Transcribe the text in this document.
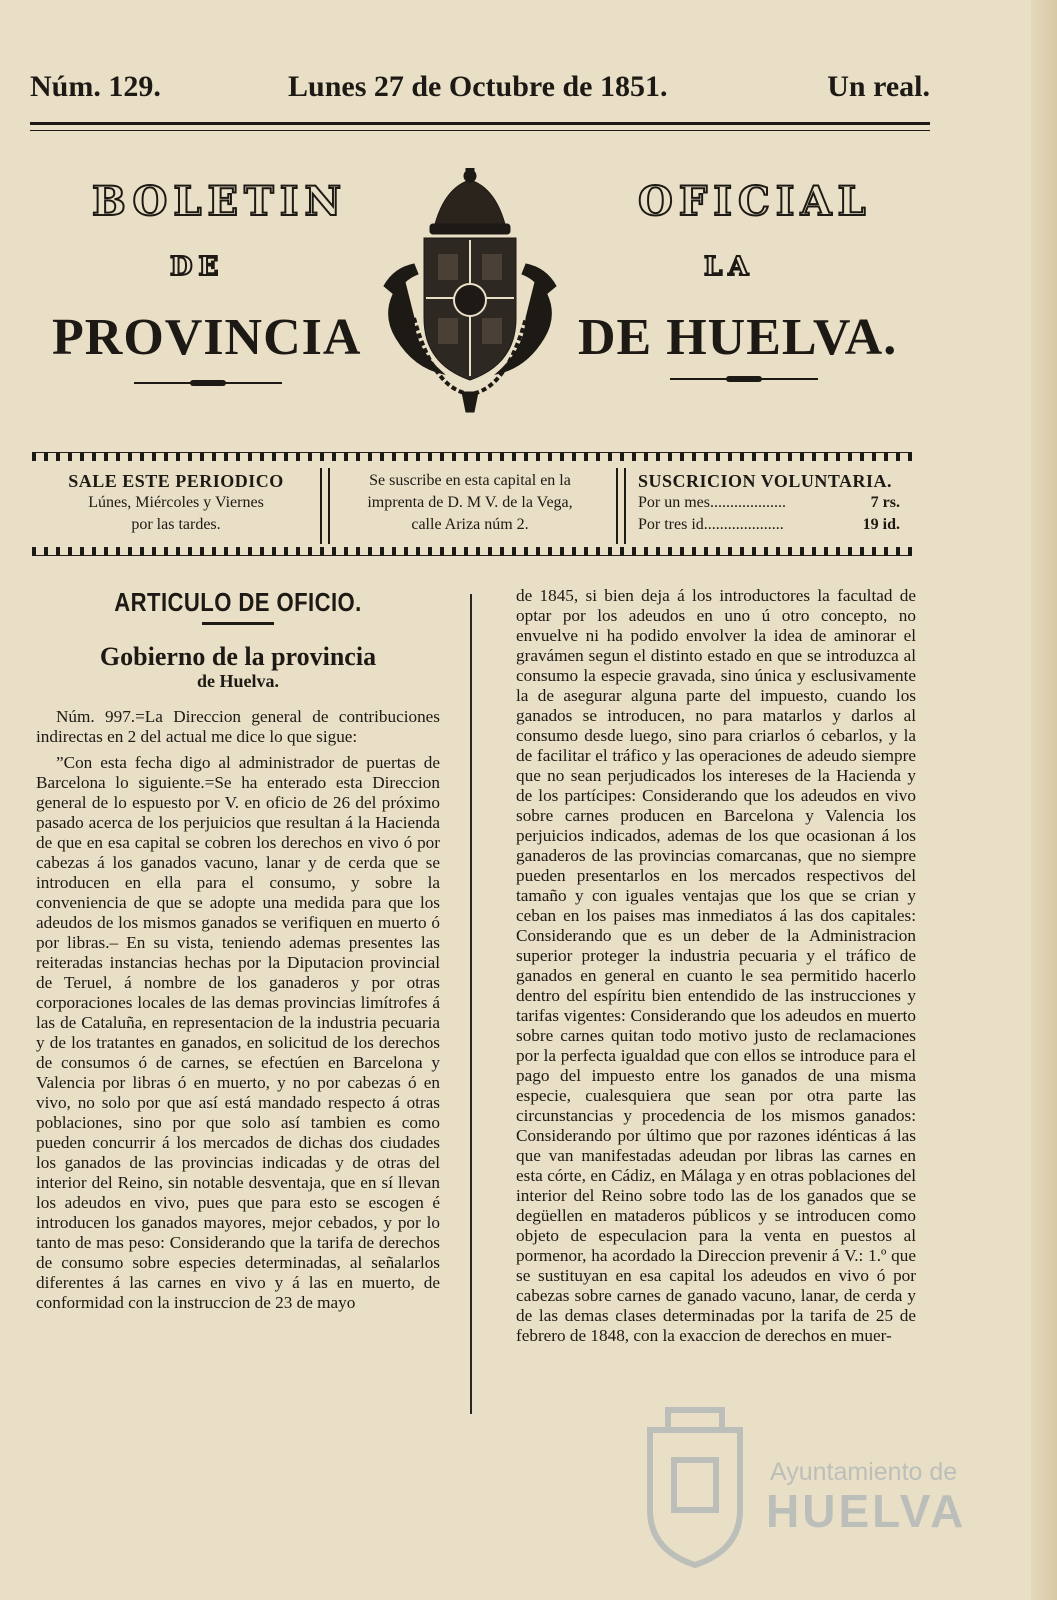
Núm. 129.	Lunes 27 de Octubre de 1851.	Un real.
BOLETIN	OFICIAL
DE	LA
PROVINCIA	DE HUELVA.
SALE ESTE PERIODICO
Lúnes, Miércoles y Viernes
por las tardes.
Se suscribe en esta capital en la
imprenta de D. M V. de la Vega,
calle Ariza núm 2.
SUSCRICION VOLUNTARIA.
Por un mes...................	7 rs.
Por tres id....................	19 id.
ARTICULO DE OFICIO.
Gobierno de la provincia
de Huelva.

Núm. 997.=La Direccion general de contribuciones indirectas en 2 del actual me dice lo que sigue:

”Con esta fecha digo al administrador de puertas de Barcelona lo siguiente.=Se ha enterado esta Direccion general de lo espuesto por V. en oficio de 26 del próximo pasado acerca de los perjuicios que resultan á la Hacienda de que en esa capital se cobren los derechos en vivo ó por cabezas á los ganados vacuno, lanar y de cerda que se introducen en ella para el consumo, y sobre la conveniencia de que se adopte una medida para que los adeudos de los mismos ganados se verifiquen en muerto ó por libras.– En su vista, teniendo ademas presentes las reiteradas instancias hechas por la Diputacion provincial de Teruel, á nombre de los ganaderos y por otras corporaciones locales de las demas provincias limítrofes á las de Cataluña, en representacion de la industria pecuaria y de los tratantes en ganados, en solicitud de los derechos de consumos ó de carnes, se efectúen en Barcelona y Valencia por libras ó en muerto, y no por cabezas ó en vivo, no solo por que así está mandado respecto á otras poblaciones, sino por que solo así tambien es como pueden concurrir á los mercados de dichas dos ciudades los ganados de las provincias indicadas y de otras del interior del Reino, sin notable desventaja, que en sí llevan los adeudos en vivo, pues que para esto se escogen é introducen los ganados mayores, mejor cebados, y por lo tanto de mas peso: Considerando que la tarifa de derechos de consumo sobre especies determinadas, al señalarlos diferentes á las carnes en vivo y á las en muerto, de conformidad con la instruccion de 23 de mayo

de 1845, si bien deja á los introductores la facultad de optar por los adeudos en uno ú otro concepto, no envuelve ni ha podido envolver la idea de aminorar el gravámen segun el distinto estado en que se introduzca al consumo la especie gravada, sino única y esclusivamente la de asegurar alguna parte del impuesto, cuando los ganados se introducen, no para matarlos y darlos al consumo desde luego, sino para criarlos ó cebarlos, y la de facilitar el tráfico y las operaciones de adeudo siempre que no sean perjudicados los intereses de la Hacienda y de los partícipes: Considerando que los adeudos en vivo sobre carnes producen en Barcelona y Valencia los perjuicios indicados, ademas de los que ocasionan á los ganaderos de las provincias comarcanas, que no siempre pueden presentarlos en los mercados respectivos del tamaño y con iguales ventajas que los que se crian y ceban en los paises mas inmediatos á las dos capitales: Considerando que es un deber de la Administracion superior proteger la industria pecuaria y el tráfico de ganados en general en cuanto le sea permitido hacerlo dentro del espíritu bien entendido de las instrucciones y tarifas vigentes: Considerando que los adeudos en muerto sobre carnes quitan todo motivo justo de reclamaciones por la perfecta igualdad que con ellos se introduce para el pago del impuesto entre los ganados de una misma especie, cualesquiera que sean por otra parte las circunstancias y procedencia de los mismos ganados: Considerando por último que por razones idénticas á las que van manifestadas adeudan por libras las carnes en esta córte, en Cádiz, en Málaga y en otras poblaciones del interior del Reino sobre todo las de los ganados que se degüellen en mataderos públicos y se introducen como objeto de especulacion para la venta en puestos al pormenor, ha acordado la Direccion prevenir á V.: 1.º que se sustituyan en esa capital los adeudos en vivo ó por cabezas sobre carnes de ganado vacuno, lanar, de cerda y de las demas clases determinadas por la tarifa de 25 de febrero de 1848, con la exaccion de derechos en muer-

Ayuntamiento de
HUELVA
